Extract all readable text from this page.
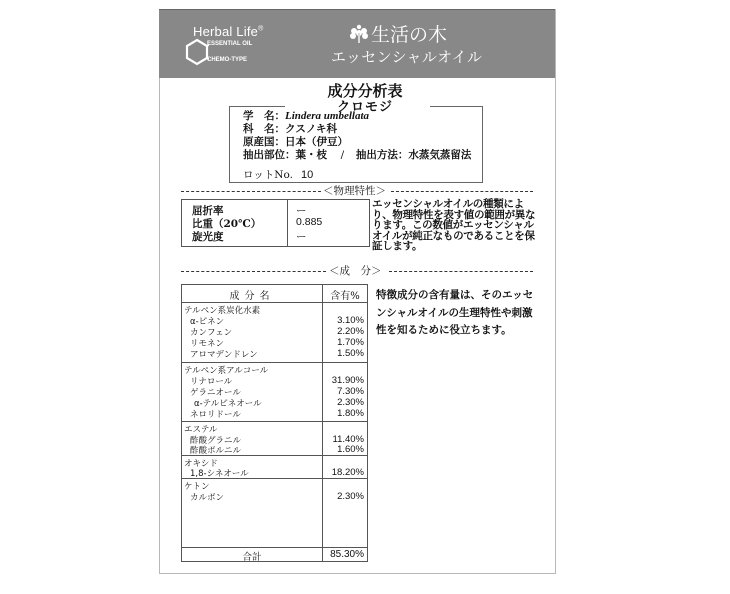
Herbal Life®
ESSENTIAL OIL
CHEMO-TYPE
生活の木
エッセンシャルオイル
成分分析表
クロモジ
学　名：Lindera umbellata
科　名：クスノキ科
原産国：日本（伊豆）
抽出部位：葉・枝 / 抽出方法：水蒸気蒸留法
ロットNo. 10
＜物理特性＞
屈折率	ー
比重（20℃）	0.885
旋光度	ー
エッセンシャルオイルの種類により、物理特性を表す値の範囲が異なります。この数値がエッセンシャルオイルが純正なものであることを保証します。
＜成　分＞
特徴成分の含有量は、そのエッセンシャルオイルの生理特性や刺激性を知るために役立ちます。
成分名	含有%
テルペン系炭化水素
α-ピネン	3.10%
カンフェン	2.20%
リモネン	1.70%
アロマデンドレン	1.50%
テルペン系アルコール
リナロール	31.90%
ゲラニオール	7.30%
α-テルピネオール	2.30%
ネロリドール	1.80%
エステル
酢酸グラニル	11.40%
酢酸ボルニル	1.60%
オキシド
1,8-シネオール	18.20%
ケトン
カルボン	2.30%
合計	85.30%
